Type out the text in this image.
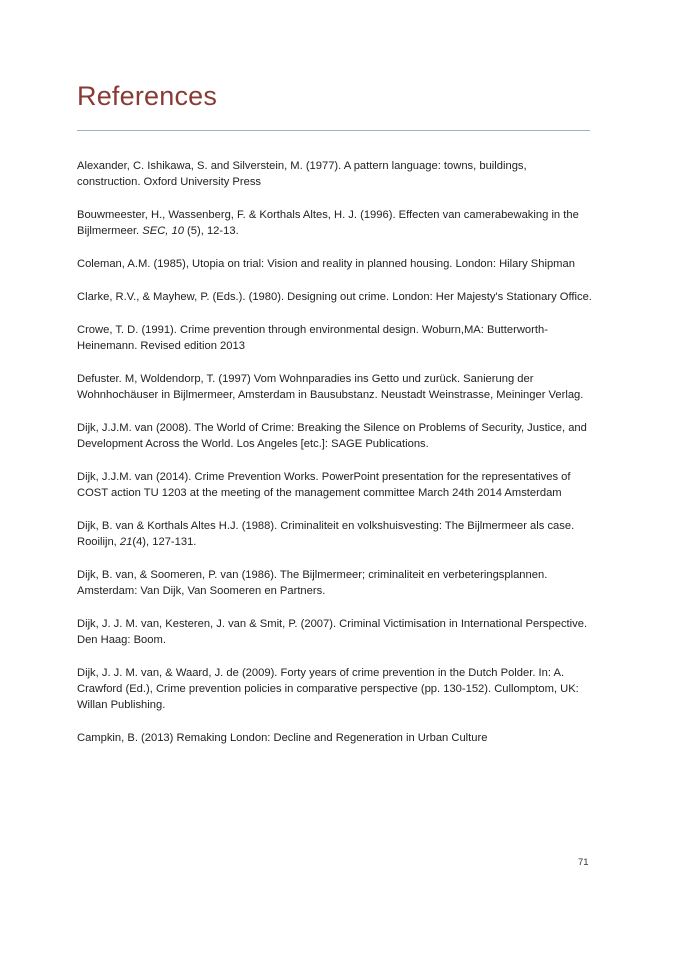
References
Alexander, C. Ishikawa, S. and Silverstein, M. (1977). A pattern language: towns, buildings, construction. Oxford University Press
Bouwmeester, H., Wassenberg, F. & Korthals Altes, H. J. (1996). Effecten van camerabewaking in the Bijlmermeer. SEC, 10 (5), 12-13.
Coleman, A.M. (1985), Utopia on trial: Vision and reality in planned housing. London: Hilary Shipman
Clarke, R.V., & Mayhew, P. (Eds.). (1980). Designing out crime. London: Her Majesty's Stationary Office.
Crowe, T. D. (1991). Crime prevention through environmental design. Woburn,MA: Butterworth-Heinemann. Revised edition 2013
Defuster. M, Woldendorp, T. (1997) Vom Wohnparadies ins Getto und zurück. Sanierung der Wohnhochäuser in Bijlmermeer, Amsterdam in Bausubstanz. Neustadt Weinstrasse, Meininger Verlag.
Dijk, J.J.M. van (2008). The World of Crime: Breaking the Silence on Problems of Security, Justice, and Development Across the World. Los Angeles [etc.]: SAGE Publications.
Dijk, J.J.M. van (2014). Crime Prevention Works. PowerPoint presentation for the representatives of COST action TU 1203 at the meeting of the management committee March 24th 2014 Amsterdam
Dijk, B. van & Korthals Altes H.J. (1988). Criminaliteit en volkshuisvesting: The Bijlmermeer als case. Rooilijn, 21(4), 127-131.
Dijk, B. van, & Soomeren, P. van (1986). The Bijlmermeer; criminaliteit en verbeteringsplannen. Amsterdam: Van Dijk, Van Soomeren en Partners.
Dijk, J. J. M. van, Kesteren, J. van & Smit, P. (2007). Criminal Victimisation in International Perspective. Den Haag: Boom.
Dijk, J. J. M. van, & Waard, J. de (2009). Forty years of crime prevention in the Dutch Polder. In: A. Crawford (Ed.), Crime prevention policies in comparative perspective (pp. 130-152). Cullomptom, UK: Willan Publishing.
Campkin, B. (2013) Remaking London: Decline and Regeneration in Urban Culture
71
